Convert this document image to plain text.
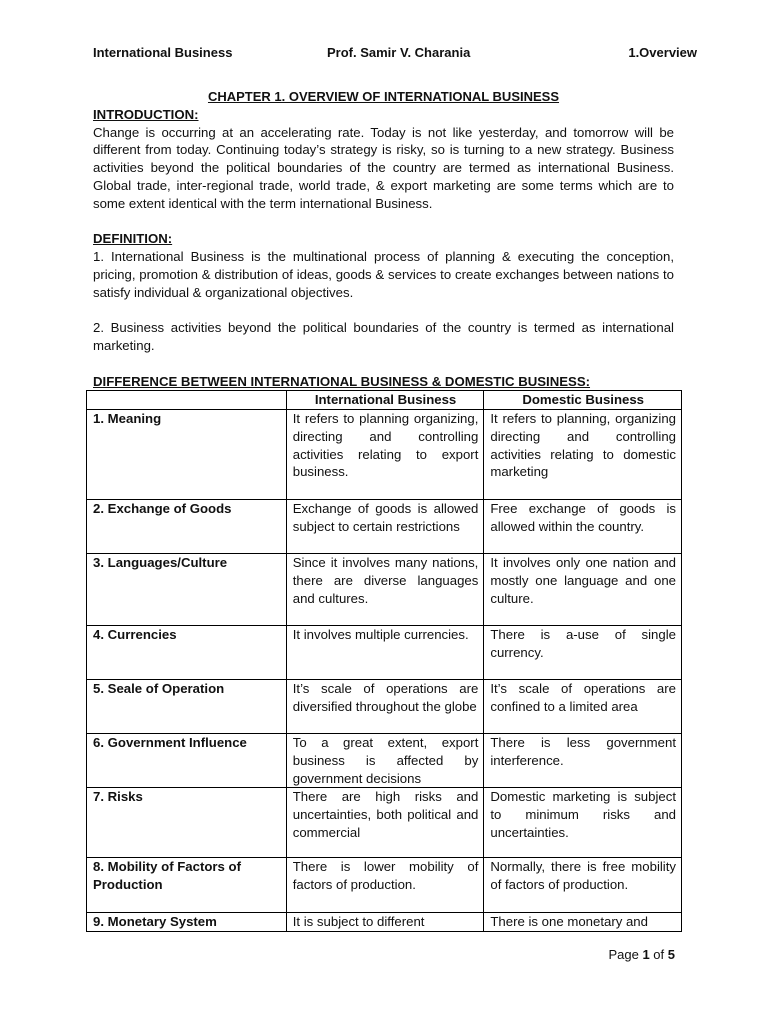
International Business	Prof. Samir V. Charania	1.Overview
CHAPTER 1. OVERVIEW OF INTERNATIONAL BUSINESS
INTRODUCTION:
Change is occurring at an accelerating rate. Today is not like yesterday, and tomorrow will be different from today. Continuing today’s strategy is risky, so is turning to a new strategy. Business activities beyond the political boundaries of the country are termed as international Business. Global trade, inter-regional trade, world trade, & export marketing are some terms which are to some extent identical with the term international Business.
DEFINITION:
1. International Business is the multinational process of planning & executing the conception, pricing, promotion & distribution of ideas, goods & services to create exchanges between nations to satisfy individual & organizational objectives.
2. Business activities beyond the political boundaries of the country is termed as international marketing.
DIFFERENCE BETWEEN INTERNATIONAL BUSINESS & DOMESTIC BUSINESS:
	International Business	Domestic Business
1. Meaning	It refers to planning organizing, directing and controlling activities relating to export business.	It refers to planning, organizing directing and controlling activities relating to domestic marketing
2. Exchange of Goods	Exchange of goods is allowed subject to certain restrictions	Free exchange of goods is allowed within the country.
3. Languages/Culture	Since it involves many nations, there are diverse languages and cultures.	It involves only one nation and mostly one language and one culture.
4. Currencies	It involves multiple currencies.	There is a-use of single currency.
5. Seale of Operation	It’s scale of operations are diversified throughout the globe	It’s scale of operations are confined to a limited area
6. Government Influence	To a great extent, export business is affected by government decisions	There is less government interference.
7. Risks	There are high risks and uncertainties, both political and commercial	Domestic marketing is subject to minimum risks and uncertainties.
8. Mobility of Factors of Production	There is lower mobility of factors of production.	Normally, there is free mobility of factors of production.
9. Monetary System	It is subject to different	There is one monetary and
Page 1 of 5
